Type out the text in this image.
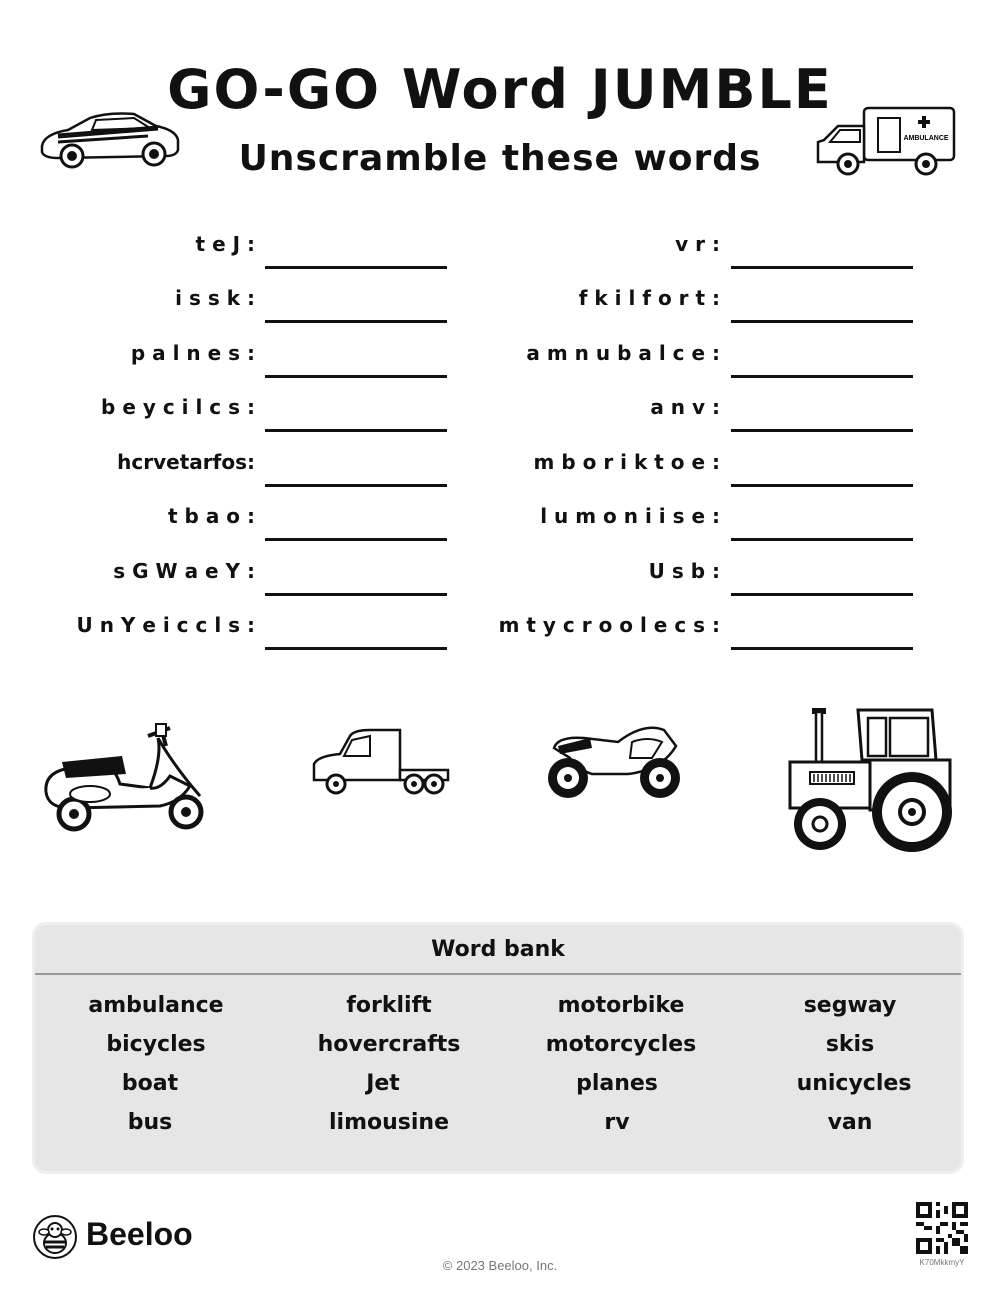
GO-GO Word JUMBLE
Unscramble these words	AMBULANCE
t e J :
i s s k :
p a l n e s :
b e y c i l c s :
hcrvetarfos:
t b a o :
s G W a e Y :
U n Y e i c c l s :
v r :
f k i l f o r t :
a m n u b a l c e :
a n v :
m b o r i k t o e :
l u m o n i i s e :
U s b :
m t y c r o o l e c s :
Word bank
ambulance
bicycles
boat
bus
forklift
hovercrafts
Jet
limousine
motorbike
motorcycles
planes
rv
segway
skis
unicycles
van
Beeloo
© 2023 Beeloo, Inc.	K70MkkmyY
